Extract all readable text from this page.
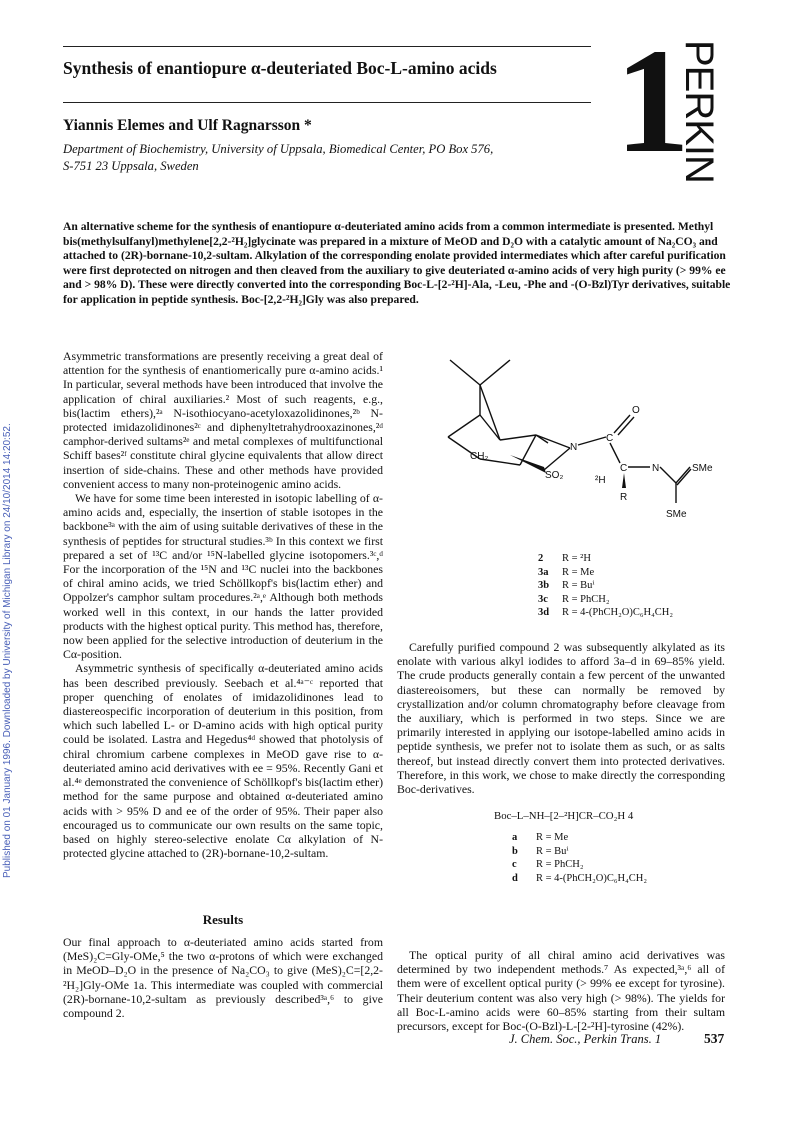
Published on 01 January 1996. Downloaded by University of Michigan Library on 24/10/2014 14:20:52.
1
PERKIN
Synthesis of enantiopure α-deuteriated Boc-L-amino acids
Yiannis Elemes and Ulf Ragnarsson *
Department of Biochemistry, University of Uppsala, Biomedical Center, PO Box 576,
S-751 23 Uppsala, Sweden
An alternative scheme for the synthesis of enantiopure α-deuteriated amino acids from a common intermediate is presented. Methyl bis(methylsulfanyl)methylene[2,2-²H₂]glycinate was prepared in a mixture of MeOD and D₂O with a catalytic amount of Na₂CO₃ and attached to (2R)-bornane-10,2-sultam. Alkylation of the corresponding enolate provided intermediates which after careful purification were first deprotected on nitrogen and then cleaved from the auxiliary to give deuteriated α-amino acids of very high purity (> 99% ee and > 98% D). These were directly converted into the corresponding Boc-L-[2-²H]-Ala, -Leu, -Phe and -(O-Bzl)Tyr derivatives, suitable for application in peptide synthesis. Boc-[2,2-²H₂]Gly was also prepared.

Asymmetric transformations are presently receiving a great deal of attention for the synthesis of enantiomerically pure α-amino acids.¹ In particular, several methods have been introduced that involve the application of chiral auxiliaries.² Most of such reagents, e.g., bis(lactim ethers),²ᵃ N-isothiocyano-acetyloxazolidinones,²ᵇ N-protected imidazolidinones²ᶜ and diphenyltetrahydrooxazinones,²ᵈ camphor-derived sultams²ᵉ and metal complexes of multifunctional Schiff bases²ᶠ constitute chiral glycine equivalents that allow direct insertion of side-chains. These and other methods have provided convenient access to many non-proteinogenic amino acids.

We have for some time been interested in isotopic labelling of α-amino acids and, especially, the insertion of stable isotopes in the backbone³ᵃ with the aim of using suitable derivatives of these in the synthesis of peptides for structural studies.³ᵇ In this context we first prepared a set of ¹³C and/or ¹⁵N-labelled glycine isotopomers.³ᶜ,ᵈ For the incorporation of the ¹⁵N and ¹³C nuclei into the backbones of chiral amino acids, we tried Schöllkopf's bis(lactim ether) and Oppolzer's camphor sultam procedures.²ᵃ,ᵉ Although both methods worked well in this context, in our hands the latter provided products with the highest optical purity. This method has, therefore, now been applied for the selective introduction of deuterium in the Cα-position.

Asymmetric synthesis of specifically α-deuteriated amino acids has been described previously. Seebach et al.⁴ᵃ⁻ᶜ reported that proper quenching of enolates of imidazolidinones lead to diastereospecific incorporation of deuterium in this position, from which such labelled L- or D-amino acids with high optical purity could be isolated. Lastra and Hegedus⁴ᵈ showed that photolysis of chiral chromium carbene complexes in MeOD gave rise to α-deuteriated amino acid derivatives with ee = 95%. Recently Gani et al.⁴ᵉ demonstrated the convenience of Schöllkopf's bis(lactim ether) method for the same purpose and obtained α-deuteriated amino acids with > 95% D and ee of the order of 95%. Their paper also encouraged us to communicate our own results on the same topic, based on highly stereo-selective enolate Cα alkylation of N-protected glycine attached to (2R)-bornane-10,2-sultam.

Results

Our final approach to α-deuteriated amino acids started from (MeS)₂C=Gly-OMe,⁵ the two α-protons of which were exchanged in MeOD–D₂O in the presence of Na₂CO₃ to give (MeS)₂C=[2,2-²H₂]Gly-OMe 1a. This intermediate was coupled with commercial (2R)-bornane-10,2-sultam as previously described³ᵃ,⁶ to give compound 2.

CH₂
SO₂
N
C
O
C N	SMe
SMe
²H
R
2	R = ²H
3a	R = Me
3b	R = Buⁱ
3c	R = PhCH₂
3d	R = 4-(PhCH₂O)C₆H₄CH₂

Carefully purified compound 2 was subsequently alkylated as its enolate with various alkyl iodides to afford 3a–d in 69–85% yield. The crude products generally contain a few percent of the unwanted diastereoisomers, but these can normally be removed by crystallization and/or column chromatography before cleavage from the auxiliary, which is performed in two steps. Since we are primarily interested in applying our isotope-labelled amino acids in peptide synthesis, we prefer not to isolate them as such, or as salts thereof, but instead directly convert them into protected derivatives. Therefore, in this work, we chose to make directly the corresponding Boc-derivatives.

Boc–L–NH–[2–²H]CR–CO₂H 4
a	R = Me
b	R = Buⁱ
c	R = PhCH₂
d	R = 4-(PhCH₂O)C₆H₄CH₂

The optical purity of all chiral amino acid derivatives was determined by two independent methods.⁷ As expected,³ᵃ,⁶ all of them were of excellent optical purity (> 99% ee except for tyrosine). Their deuterium content was also very high (> 98%). The yields for all Boc-L-amino acids were 60–85% starting from their sultam precursors, except for Boc-(O-Bzl)-L-[2-²H]-tyrosine (42%).

J. Chem. Soc., Perkin Trans. 1	537
